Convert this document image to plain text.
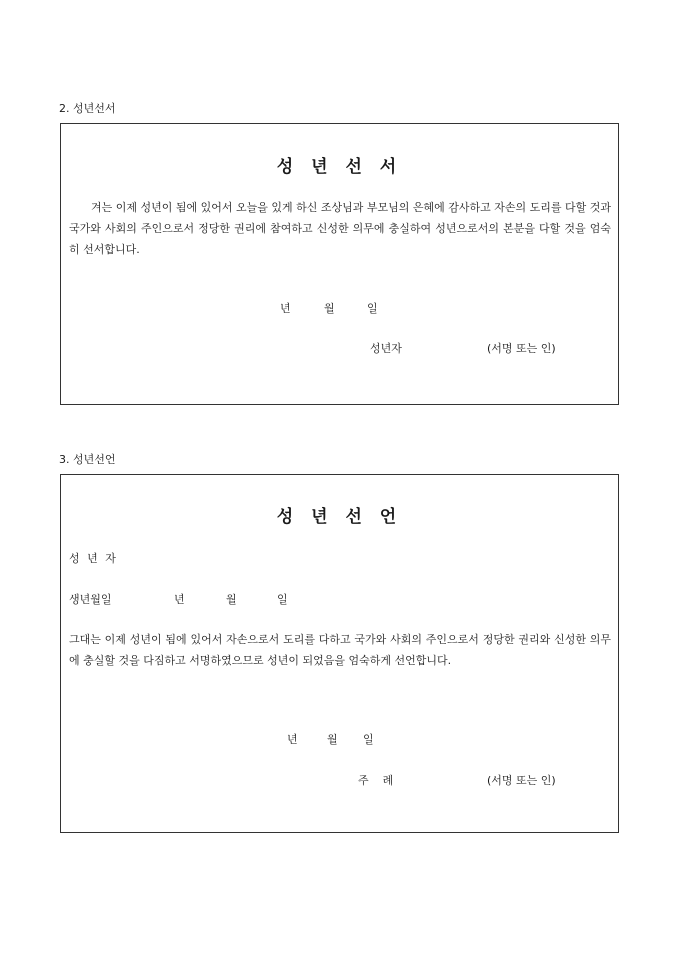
2. 성년선서
성 년 선 서
겨는 이제 성년이 됨에 있어서 오늘을 있게 하신 조상님과 부모님의 은혜에 감사하고 자손의 도리를 다할 것과 국가와 사회의 주인으로서 정당한 권리에 참여하고 신성한 의무에 충실하여 성년으로서의 본분을 다할 것을 엄숙히 선서합니다.
년	월	일
성년자	(서명 또는 인)
3. 성년선언
성 년 선 언
성 년 자
생년월일	년	월	일
그대는 이제 성년이 됨에 있어서 자손으로서 도리를 다하고 국가와 사회의 주인으로서 정당한 권리와 신성한 의무에 충실할 것을 다짐하고 서명하였으므로 성년이 되었음을 엄숙하게 선언합니다.
년	월 일
주    례	(서명 또는 인)
